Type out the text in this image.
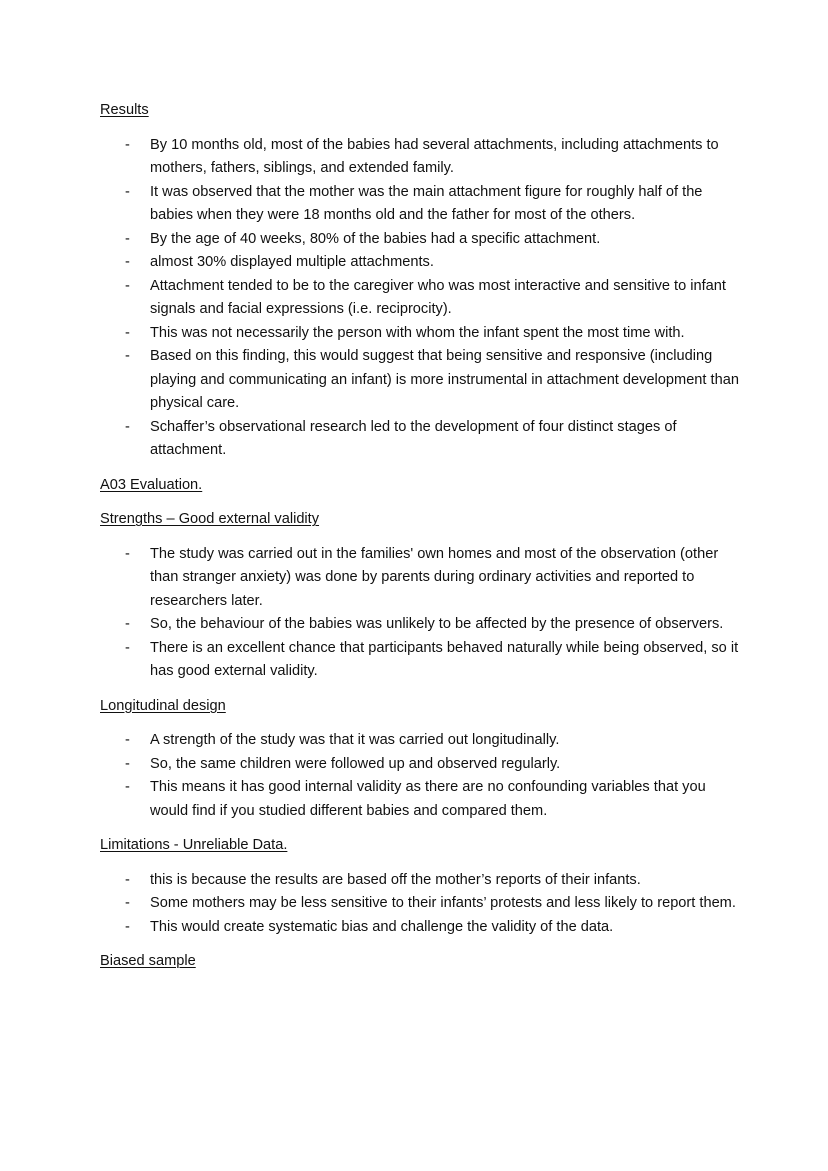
Results
- By 10 months old, most of the babies had several attachments, including attachments to mothers, fathers, siblings, and extended family.
- It was observed that the mother was the main attachment figure for roughly half of the babies when they were 18 months old and the father for most of the others.
- By the age of 40 weeks, 80% of the babies had a specific attachment.
- almost 30% displayed multiple attachments.
- Attachment tended to be to the caregiver who was most interactive and sensitive to infant signals and facial expressions (i.e. reciprocity).
- This was not necessarily the person with whom the infant spent the most time with.
- Based on this finding, this would suggest that being sensitive and responsive (including playing and communicating an infant) is more instrumental in attachment development than physical care.
- Schaffer’s observational research led to the development of four distinct stages of attachment.
A03 Evaluation.
Strengths – Good external validity
- The study was carried out in the families' own homes and most of the observation (other than stranger anxiety) was done by parents during ordinary activities and reported to researchers later.
- So, the behaviour of the babies was unlikely to be affected by the presence of observers.
- There is an excellent chance that participants behaved naturally while being observed, so it has good external validity.
Longitudinal design
- A strength of the study was that it was carried out longitudinally.
- So, the same children were followed up and observed regularly.
- This means it has good internal validity as there are no confounding variables that you would find if you studied different babies and compared them.
Limitations - Unreliable Data.
- this is because the results are based off the mother’s reports of their infants.
- Some mothers may be less sensitive to their infants’ protests and less likely to report them.
- This would create systematic bias and challenge the validity of the data.
Biased sample
